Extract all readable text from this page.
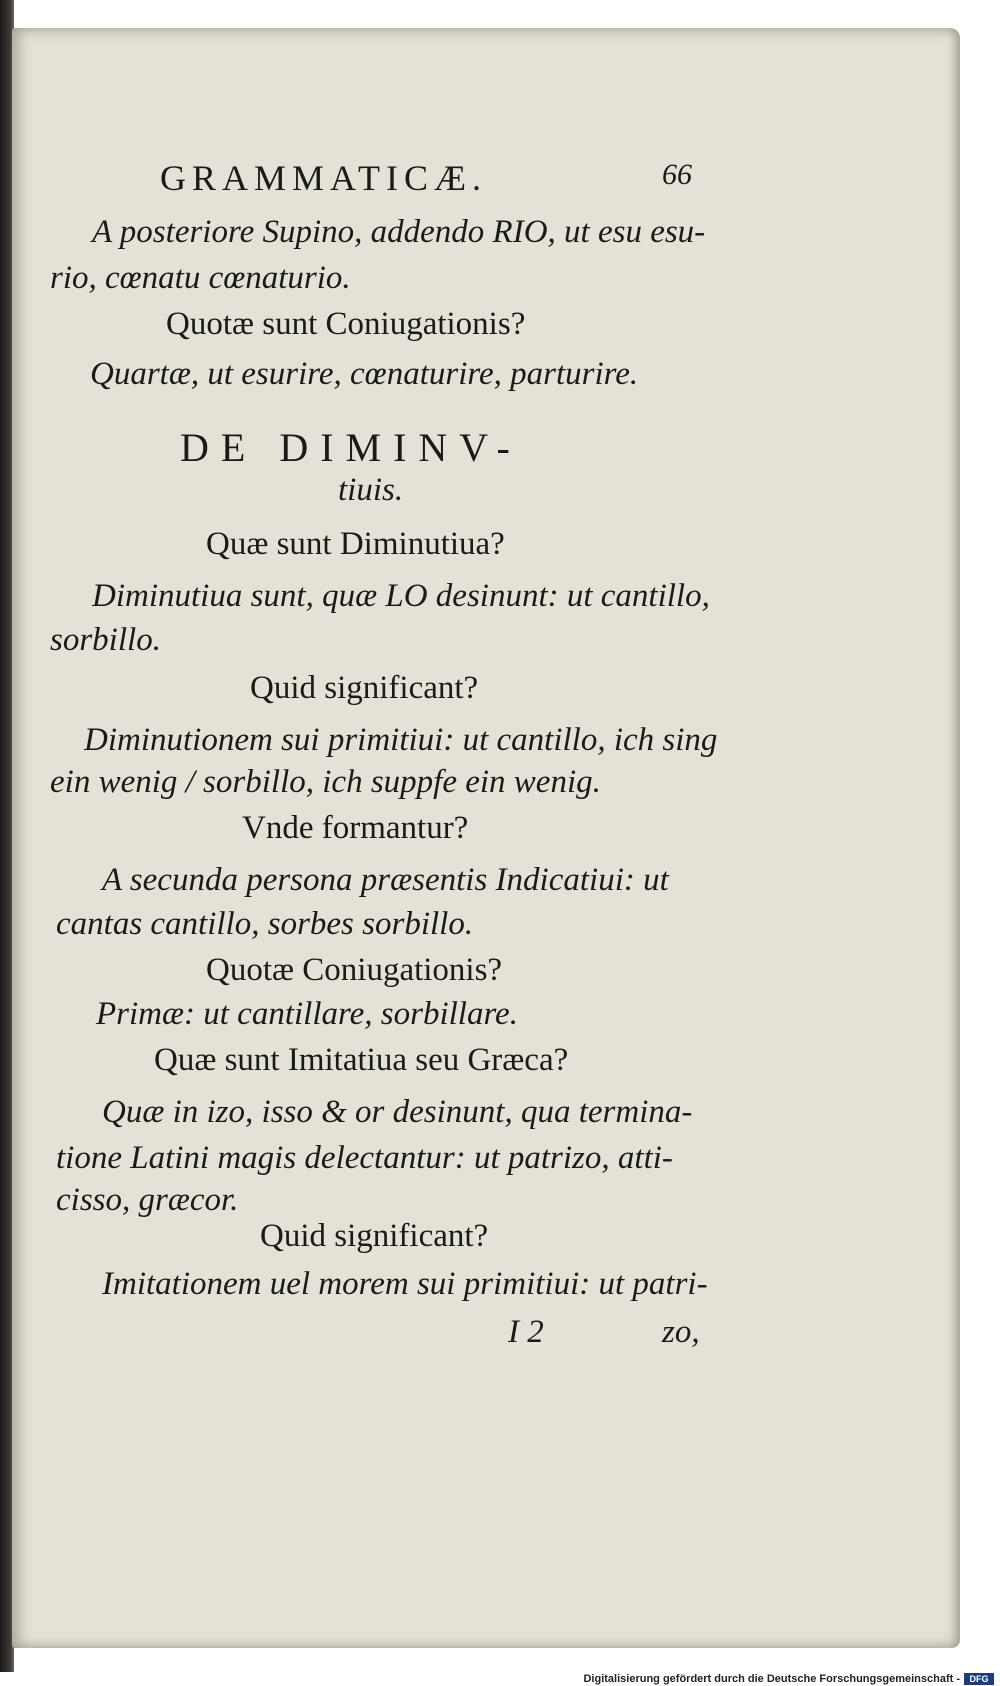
GRAMMATICÆ.	66
A posteriore Supino, addendo RIO, ut esu esu-
rio, cœnatu cœnaturio.
Quotæ sunt Coniugationis?
Quartæ, ut esurire, cœnaturire, parturire.
DE DIMINV-
tiuis.
Quæ sunt Diminutiua?
Diminutiua sunt, quæ LO desinunt: ut cantillo,
sorbillo.
Quid significant?
Diminutionem sui primitiui: ut cantillo, ich sing
ein wenig / sorbillo, ich suppfe ein wenig.
Vnde formantur?
A secunda persona præsentis Indicatiui: ut
cantas cantillo, sorbes sorbillo.
Quotæ Coniugationis?
Primæ: ut cantillare, sorbillare.
Quæ sunt Imitatiua seu Græca?
Quæ in izo, isso & or desinunt, qua termina-
tione Latini magis delectantur: ut patrizo, atti-
cisso, græcor.
Quid significant?
Imitationem uel morem sui primitiui: ut patri-
I 2	zo,
Digitalisierung gefördert durch die Deutsche Forschungsgemeinschaft -	DFG
